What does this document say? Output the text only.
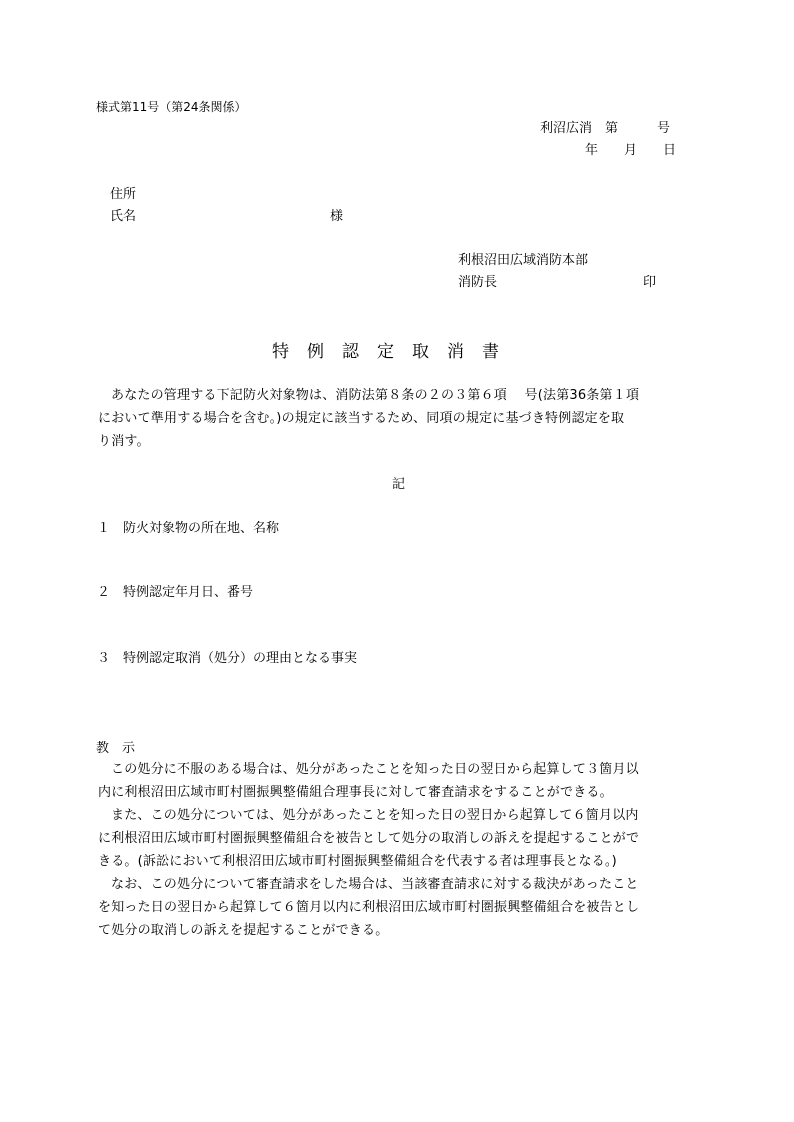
様式第11号（第24条関係）
利沼広消　第　　　号
年　　月　　日
住所
氏名	様
利根沼田広域消防本部
消防長	印
特例認定取消書
あなたの管理する下記防火対象物は、消防法第８条の２の３第６項　 号(法第36条第１項
において準用する場合を含む。)の規定に該当するため、同項の規定に基づき特例認定を取
り消す。
記
１　防火対象物の所在地、名称
２　特例認定年月日、番号
３　特例認定取消（処分）の理由となる事実
教　示
この処分に不服のある場合は、処分があったことを知った日の翌日から起算して３箇月以
内に利根沼田広域市町村圏振興整備組合理事長に対して審査請求をすることができる。
また、この処分については、処分があったことを知った日の翌日から起算して６箇月以内
に利根沼田広域市町村圏振興整備組合を被告として処分の取消しの訴えを提起することがで
きる。(訴訟において利根沼田広域市町村圏振興整備組合を代表する者は理事長となる。)
なお、この処分について審査請求をした場合は、当該審査請求に対する裁決があったこと
を知った日の翌日から起算して６箇月以内に利根沼田広域市町村圏振興整備組合を被告とし
て処分の取消しの訴えを提起することができる。
